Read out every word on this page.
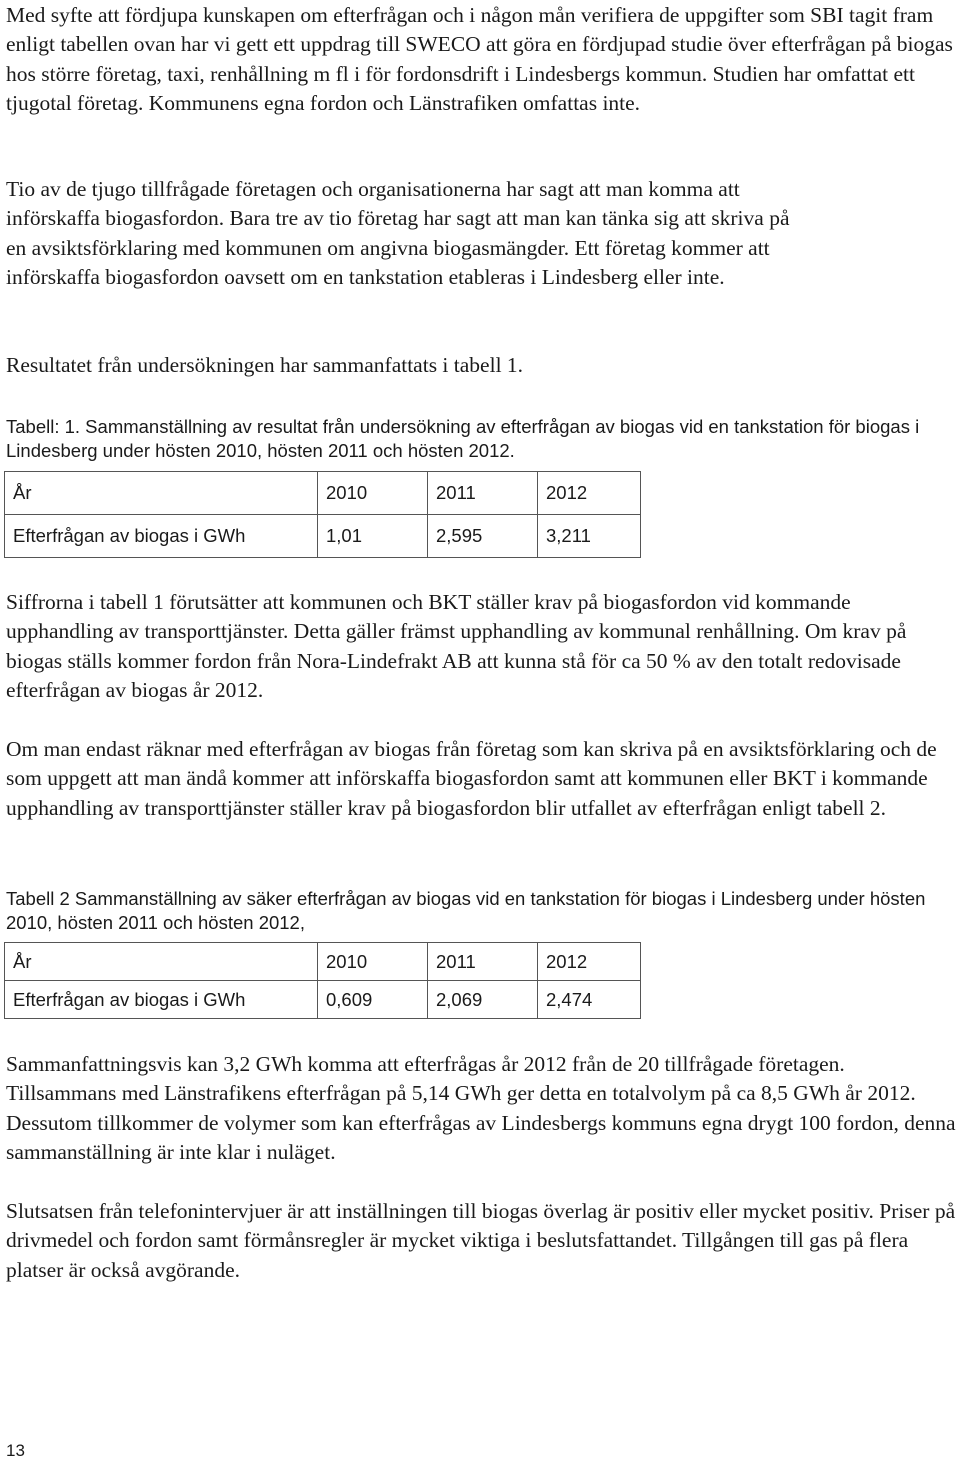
Med syfte att fördjupa kunskapen om efterfrågan och i någon mån verifiera de uppgifter som SBI tagit fram enligt tabellen ovan har vi gett ett uppdrag till SWECO att göra en fördjupad studie över efterfrågan på biogas hos större företag, taxi, renhållning m fl i för fordonsdrift i Lindesbergs kommun. Studien har omfattat ett tjugotal företag. Kommunens egna fordon och Länstrafiken omfattas inte.

Tio av de tjugo tillfrågade företagen och organisationerna har sagt att man komma att införskaffa biogasfordon. Bara tre av tio företag har sagt att man kan tänka sig att skriva på en avsiktsförklaring med kommunen om angivna biogasmängder. Ett företag kommer att införskaffa biogasfordon oavsett om en tankstation etableras i Lindesberg eller inte.

Resultatet från undersökningen har sammanfattats i tabell 1.

Tabell: 1. Sammanställning av resultat från undersökning av efterfrågan av biogas vid en tankstation för biogas i Lindesberg under hösten 2010, hösten 2011 och hösten 2012.

År	2010	2011	2012
Efterfrågan av biogas i GWh	1,01	2,595	3,211

Siffrorna i tabell 1 förutsätter att kommunen och BKT ställer krav på biogasfordon vid kommande upphandling av transporttjänster. Detta gäller främst upphandling av kommunal renhållning. Om krav på biogas ställs kommer fordon från Nora-Lindefrakt AB att kunna stå för ca 50 % av den totalt redovisade efterfrågan av biogas år 2012.

Om man endast räknar med efterfrågan av biogas från företag som kan skriva på en avsiktsförklaring och de som uppgett att man ändå kommer att införskaffa biogasfordon samt att kommunen eller BKT i kommande upphandling av transporttjänster ställer krav på biogasfordon blir utfallet av efterfrågan enligt tabell 2.

Tabell 2 Sammanställning av säker efterfrågan av biogas vid en tankstation för biogas i Lindesberg under hösten 2010, hösten 2011 och hösten 2012,

År	2010	2011	2012
Efterfrågan av biogas i GWh	0,609	2,069	2,474

Sammanfattningsvis kan 3,2 GWh komma att efterfrågas år 2012 från de 20 tillfrågade företagen. Tillsammans med Länstrafikens efterfrågan på 5,14 GWh ger detta en totalvolym på ca 8,5 GWh år 2012. Dessutom tillkommer de volymer som kan efterfrågas av Lindesbergs kommuns egna drygt 100 fordon, denna sammanställning är inte klar i nuläget.

Slutsatsen från telefonintervjuer är att inställningen till biogas överlag är positiv eller mycket positiv. Priser på drivmedel och fordon samt förmånsregler är mycket viktiga i beslutsfattandet. Tillgången till gas på flera platser är också avgörande.

13
